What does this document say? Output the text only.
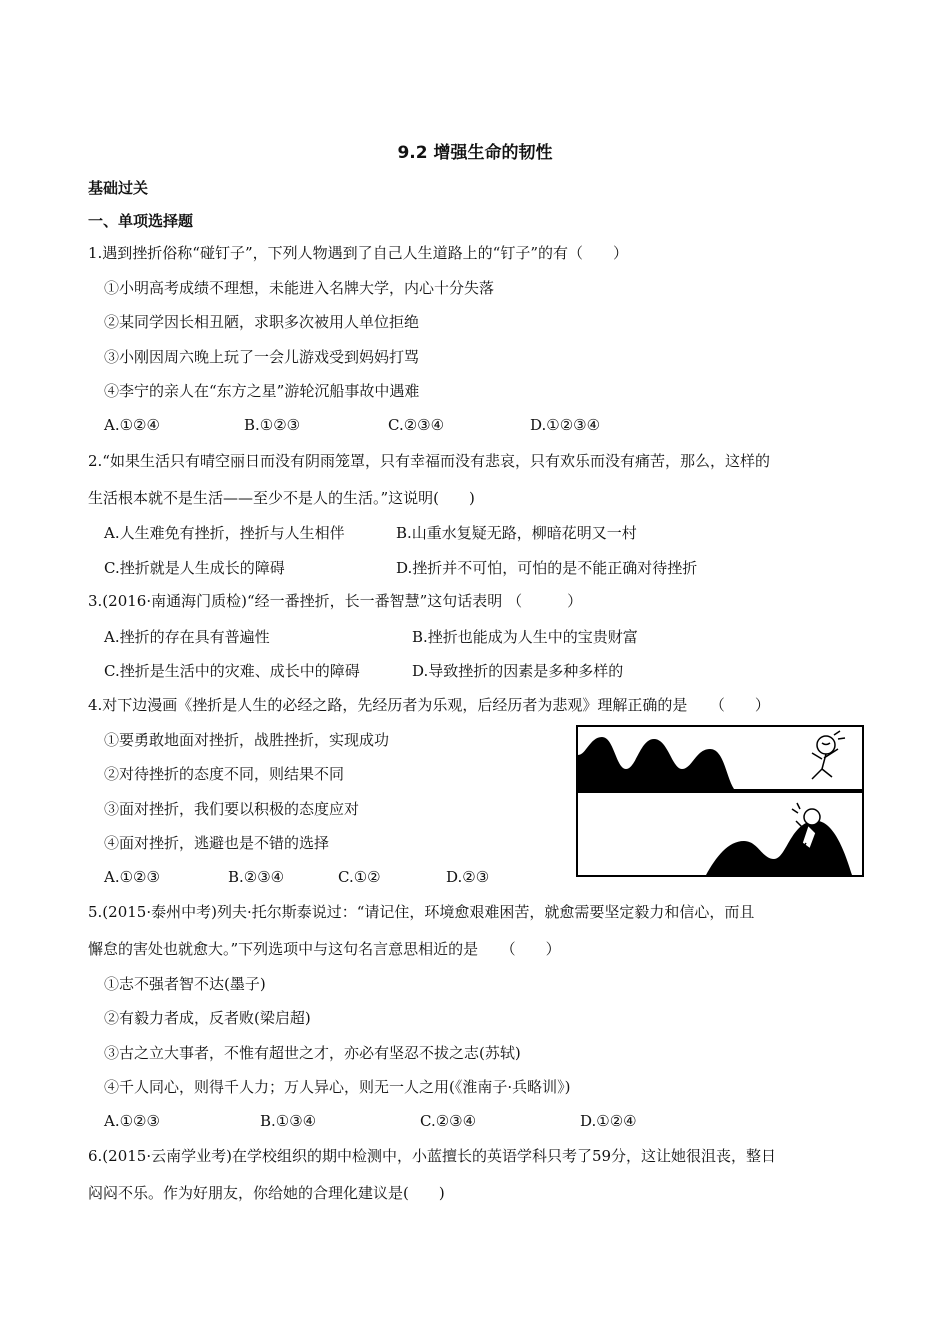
9.2 增强生命的韧性
基础过关
一、单项选择题
1.遇到挫折俗称“碰钉子”，下列人物遇到了自己人生道路上的“钉子”的有（　　）
①小明高考成绩不理想，未能进入名牌大学，内心十分失落
②某同学因长相丑陋，求职多次被用人单位拒绝
③小刚因周六晚上玩了一会儿游戏受到妈妈打骂
④李宁的亲人在“东方之星”游轮沉船事故中遇难
A.①②④	B.①②③	C.②③④	D.①②③④
2.“如果生活只有晴空丽日而没有阴雨笼罩，只有幸福而没有悲哀，只有欢乐而没有痛苦，那么，这样的
生活根本就不是生活——至少不是人的生活。”这说明(　　)
A.人生难免有挫折，挫折与人生相伴	B.山重水复疑无路，柳暗花明又一村
C.挫折就是人生成长的障碍	D.挫折并不可怕，可怕的是不能正确对待挫折
3.(2016·南通海门质检)“经一番挫折，长一番智慧”这句话表明 （　　　）
A.挫折的存在具有普遍性	B.挫折也能成为人生中的宝贵财富
C.挫折是生活中的灾难、成长中的障碍	D.导致挫折的因素是多种多样的
4.对下边漫画《挫折是人生的必经之路，先经历者为乐观，后经历者为悲观》理解正确的是　　（　　）
①要勇敢地面对挫折，战胜挫折，实现成功
②对待挫折的态度不同，则结果不同
③面对挫折，我们要以积极的态度应对
④面对挫折，逃避也是不错的选择
A.①②③	B.②③④	C.①②	D.②③
5.(2015·泰州中考)列夫·托尔斯泰说过：“请记住，环境愈艰难困苦，就愈需要坚定毅力和信心，而且
懈怠的害处也就愈大。”下列选项中与这句名言意思相近的是　　（　　）
①志不强者智不达(墨子)
②有毅力者成，反者败(梁启超)
③古之立大事者，不惟有超世之才，亦必有坚忍不拔之志(苏轼)
④千人同心，则得千人力；万人异心，则无一人之用(《淮南子·兵略训》)
A.①②③	B.①③④	C.②③④	D.①②④
6.(2015·云南学业考)在学校组织的期中检测中，小蓝擅长的英语学科只考了59分，这让她很沮丧，整日
闷闷不乐。作为好朋友，你给她的合理化建议是(　　)
